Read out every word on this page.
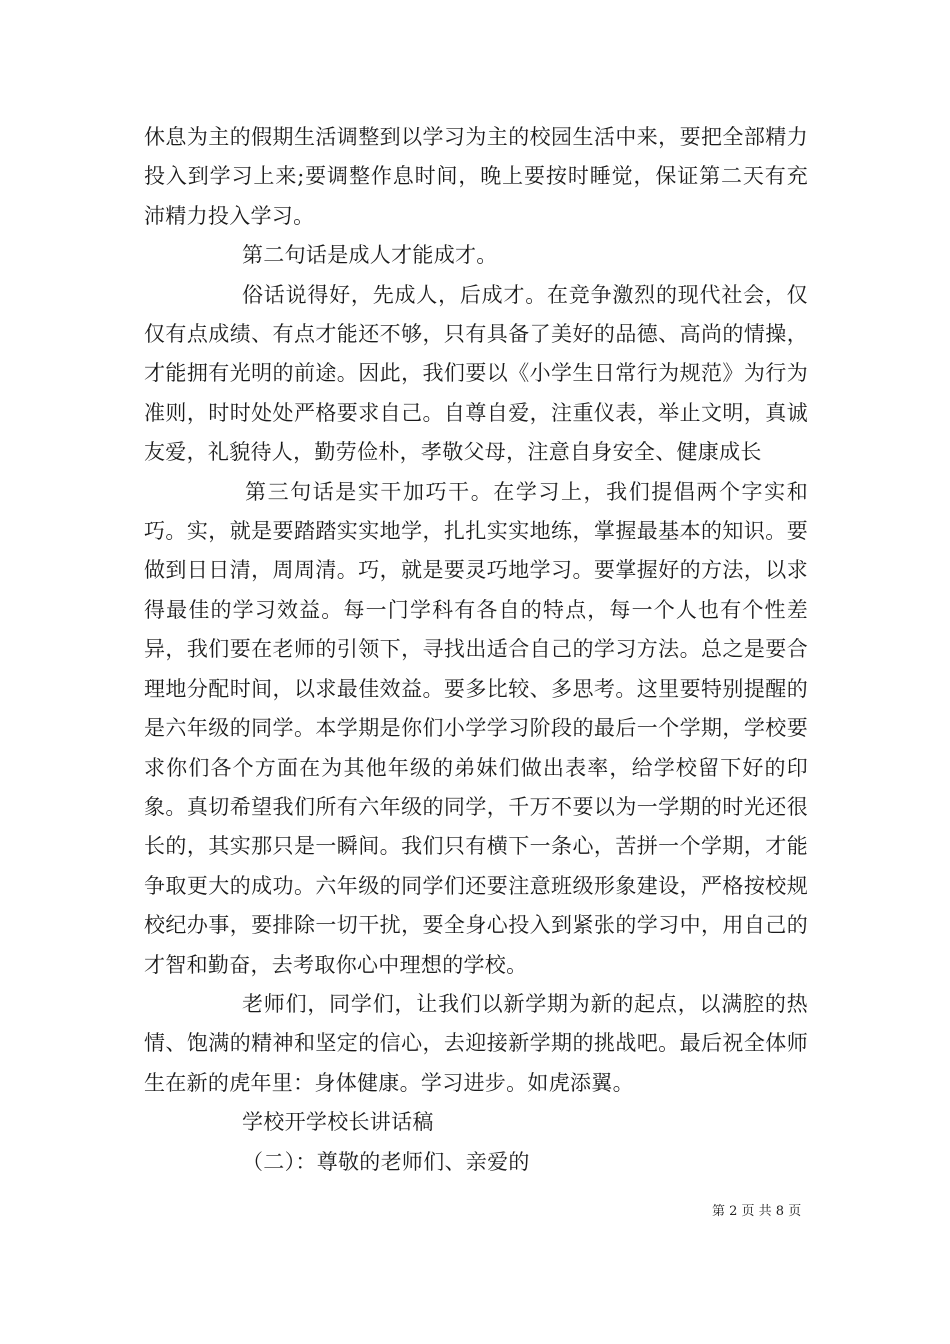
休息为主的假期生活调整到以学习为主的校园生活中来，要把全部精力投入到学习上来;要调整作息时间，晚上要按时睡觉，保证第二天有充沛精力投入学习。

第二句话是成人才能成才。

俗话说得好，先成人，后成才。在竞争激烈的现代社会，仅仅有点成绩、有点才能还不够，只有具备了美好的品德、高尚的情操，才能拥有光明的前途。因此，我们要以《小学生日常行为规范》为行为准则，时时处处严格要求自己。自尊自爱，注重仪表，举止文明，真诚友爱，礼貌待人，勤劳俭朴，孝敬父母，注意自身安全、健康成长

第三句话是实干加巧干。在学习上，我们提倡两个字实和巧。实，就是要踏踏实实地学，扎扎实实地练，掌握最基本的知识。要做到日日清，周周清。巧，就是要灵巧地学习。要掌握好的方法，以求得最佳的学习效益。每一门学科有各自的特点，每一个人也有个性差异，我们要在老师的引领下，寻找出适合自己的学习方法。总之是要合理地分配时间，以求最佳效益。要多比较、多思考。这里要特别提醒的是六年级的同学。本学期是你们小学学习阶段的最后一个学期，学校要求你们各个方面在为其他年级的弟妹们做出表率，给学校留下好的印象。真切希望我们所有六年级的同学，千万不要以为一学期的时光还很长的，其实那只是一瞬间。我们只有横下一条心，苦拼一个学期，才能争取更大的成功。六年级的同学们还要注意班级形象建设，严格按校规校纪办事，要排除一切干扰，要全身心投入到紧张的学习中，用自己的才智和勤奋，去考取你心中理想的学校。

老师们，同学们，让我们以新学期为新的起点，以满腔的热情、饱满的精神和坚定的信心，去迎接新学期的挑战吧。最后祝全体师生在新的虎年里：身体健康。学习进步。如虎添翼。

学校开学校长讲话稿

（二）：尊敬的老师们、亲爱的

第 2 页 共 8 页
